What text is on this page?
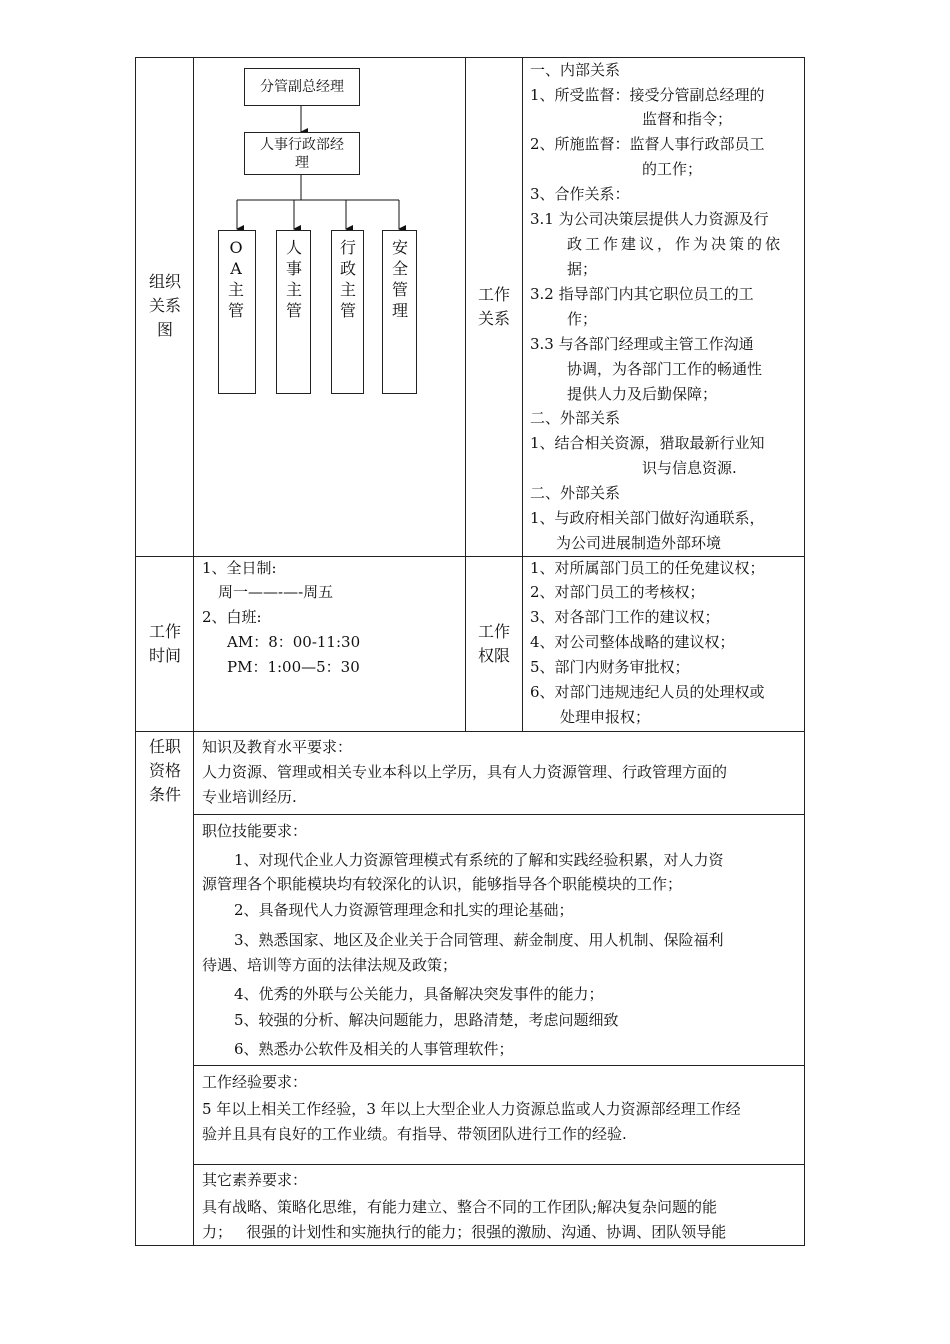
组织
关系
图
工作
关系
工作
时间
工作
权限
任职
资格
条件
分管副总经理
人事行政部经
理
O
A
主
管
人
事
主
管
行
政
主
管
安
全
管
理
一、内部关系
1、所受监督：接受分管副总经理的
监督和指令；
2、所施监督：监督人事行政部员工
的工作；
3、合作关系：
3.1 为公司决策层提供人力资源及行
政工作建议，作为决策的依
据；
3.2 指导部门内其它职位员工的工
作；
3.3 与各部门经理或主管工作沟通
协调，为各部门工作的畅通性
提供人力及后勤保障；
二、外部关系
1、结合相关资源，猎取最新行业知
识与信息资源.
二、外部关系
1、与政府相关部门做好沟通联系，
为公司进展制造外部环境
1、全日制:
周一——-—-周五
2、白班:
AM：8：00-11:30
PM：1:00—5：30
1、对所属部门员工的任免建议权；
2、对部门员工的考核权；
3、对各部门工作的建议权；
4、对公司整体战略的建议权；
5、部门内财务审批权；
6、对部门违规违纪人员的处理权或
处理申报权；
知识及教育水平要求：
人力资源、管理或相关专业本科以上学历，具有人力资源管理、行政管理方面的
专业培训经历.
职位技能要求：
1、对现代企业人力资源管理模式有系统的了解和实践经验积累，对人力资
源管理各个职能模块均有较深化的认识，能够指导各个职能模块的工作；
2、具备现代人力资源管理理念和扎实的理论基础；
3、熟悉国家、地区及企业关于合同管理、薪金制度、用人机制、保险福利
待遇、培训等方面的法律法规及政策；
4、优秀的外联与公关能力，具备解决突发事件的能力；
5、较强的分析、解决问题能力，思路清楚，考虑问题细致
6、熟悉办公软件及相关的人事管理软件；
工作经验要求：
5 年以上相关工作经验，3 年以上大型企业人力资源总监或人力资源部经理工作经
验并且具有良好的工作业绩。有指导、带领团队进行工作的经验.
其它素养要求：
具有战略、策略化思维，有能力建立、整合不同的工作团队;解决复杂问题的能
力；   很强的计划性和实施执行的能力；很强的激励、沟通、协调、团队领导能
